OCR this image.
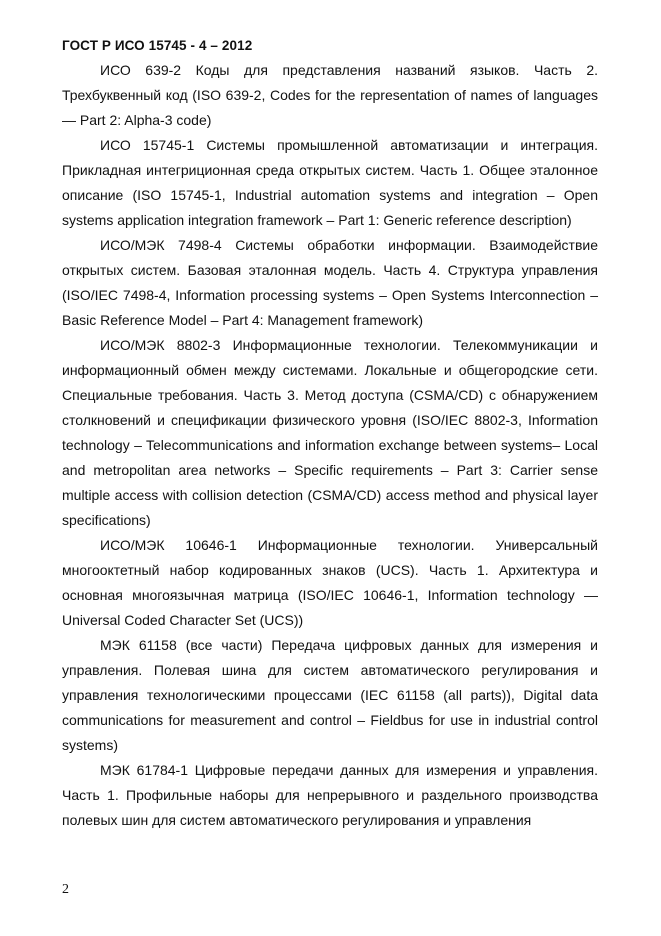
ГОСТ Р ИСО 15745 - 4 – 2012

ИСО 639-2 Коды для представления названий языков. Часть 2. Трехбуквенный код (ISO 639-2, Codes for the representation of names of languages — Part 2: Alpha-3 code)

ИСО 15745-1 Системы промышленной автоматизации и интеграция. Прикладная интегриционная среда открытых систем. Часть 1. Общее эталонное описание (ISO 15745-1, Industrial automation systems and integration – Open systems application integration framework – Part 1: Generic reference description)

ИСО/МЭК 7498-4 Системы обработки информации. Взаимодействие открытых систем. Базовая эталонная модель. Часть 4. Структура управления (ISO/IEC 7498-4, Information processing systems – Open Systems Interconnection – Basic Reference Model – Part 4: Management framework)

ИСО/МЭК 8802-3 Информационные технологии. Телекоммуникации и информационный обмен между системами. Локальные и общегородские сети. Специальные требования. Часть 3. Метод доступа (CSMA/CD) с обнаружением столкновений и спецификации физического уровня (ISO/IEC 8802-3, Information technology – Telecommunications and information exchange between systems– Local and metropolitan area networks – Specific requirements – Part 3: Carrier sense multiple access with collision detection (CSMA/CD) access method and physical layer specifications)

ИСО/МЭК 10646-1 Информационные технологии. Универсальный многооктетный набор кодированных знаков (UCS). Часть 1. Архитектура и основная многоязычная матрица (ISO/IEC 10646-1, Information technology — Universal Coded Character Set (UCS))

МЭК 61158 (все части) Передача цифровых данных для измерения и управления. Полевая шина для систем автоматического регулирования и управления технологическими процессами (IEC 61158 (all parts)), Digital data communications for measurement and control – Fieldbus for use in industrial control systems)

МЭК 61784-1 Цифровые передачи данных для измерения и управления. Часть 1. Профильные наборы для непрерывного и раздельного производства полевых шин для систем автоматического регулирования и управления

2
